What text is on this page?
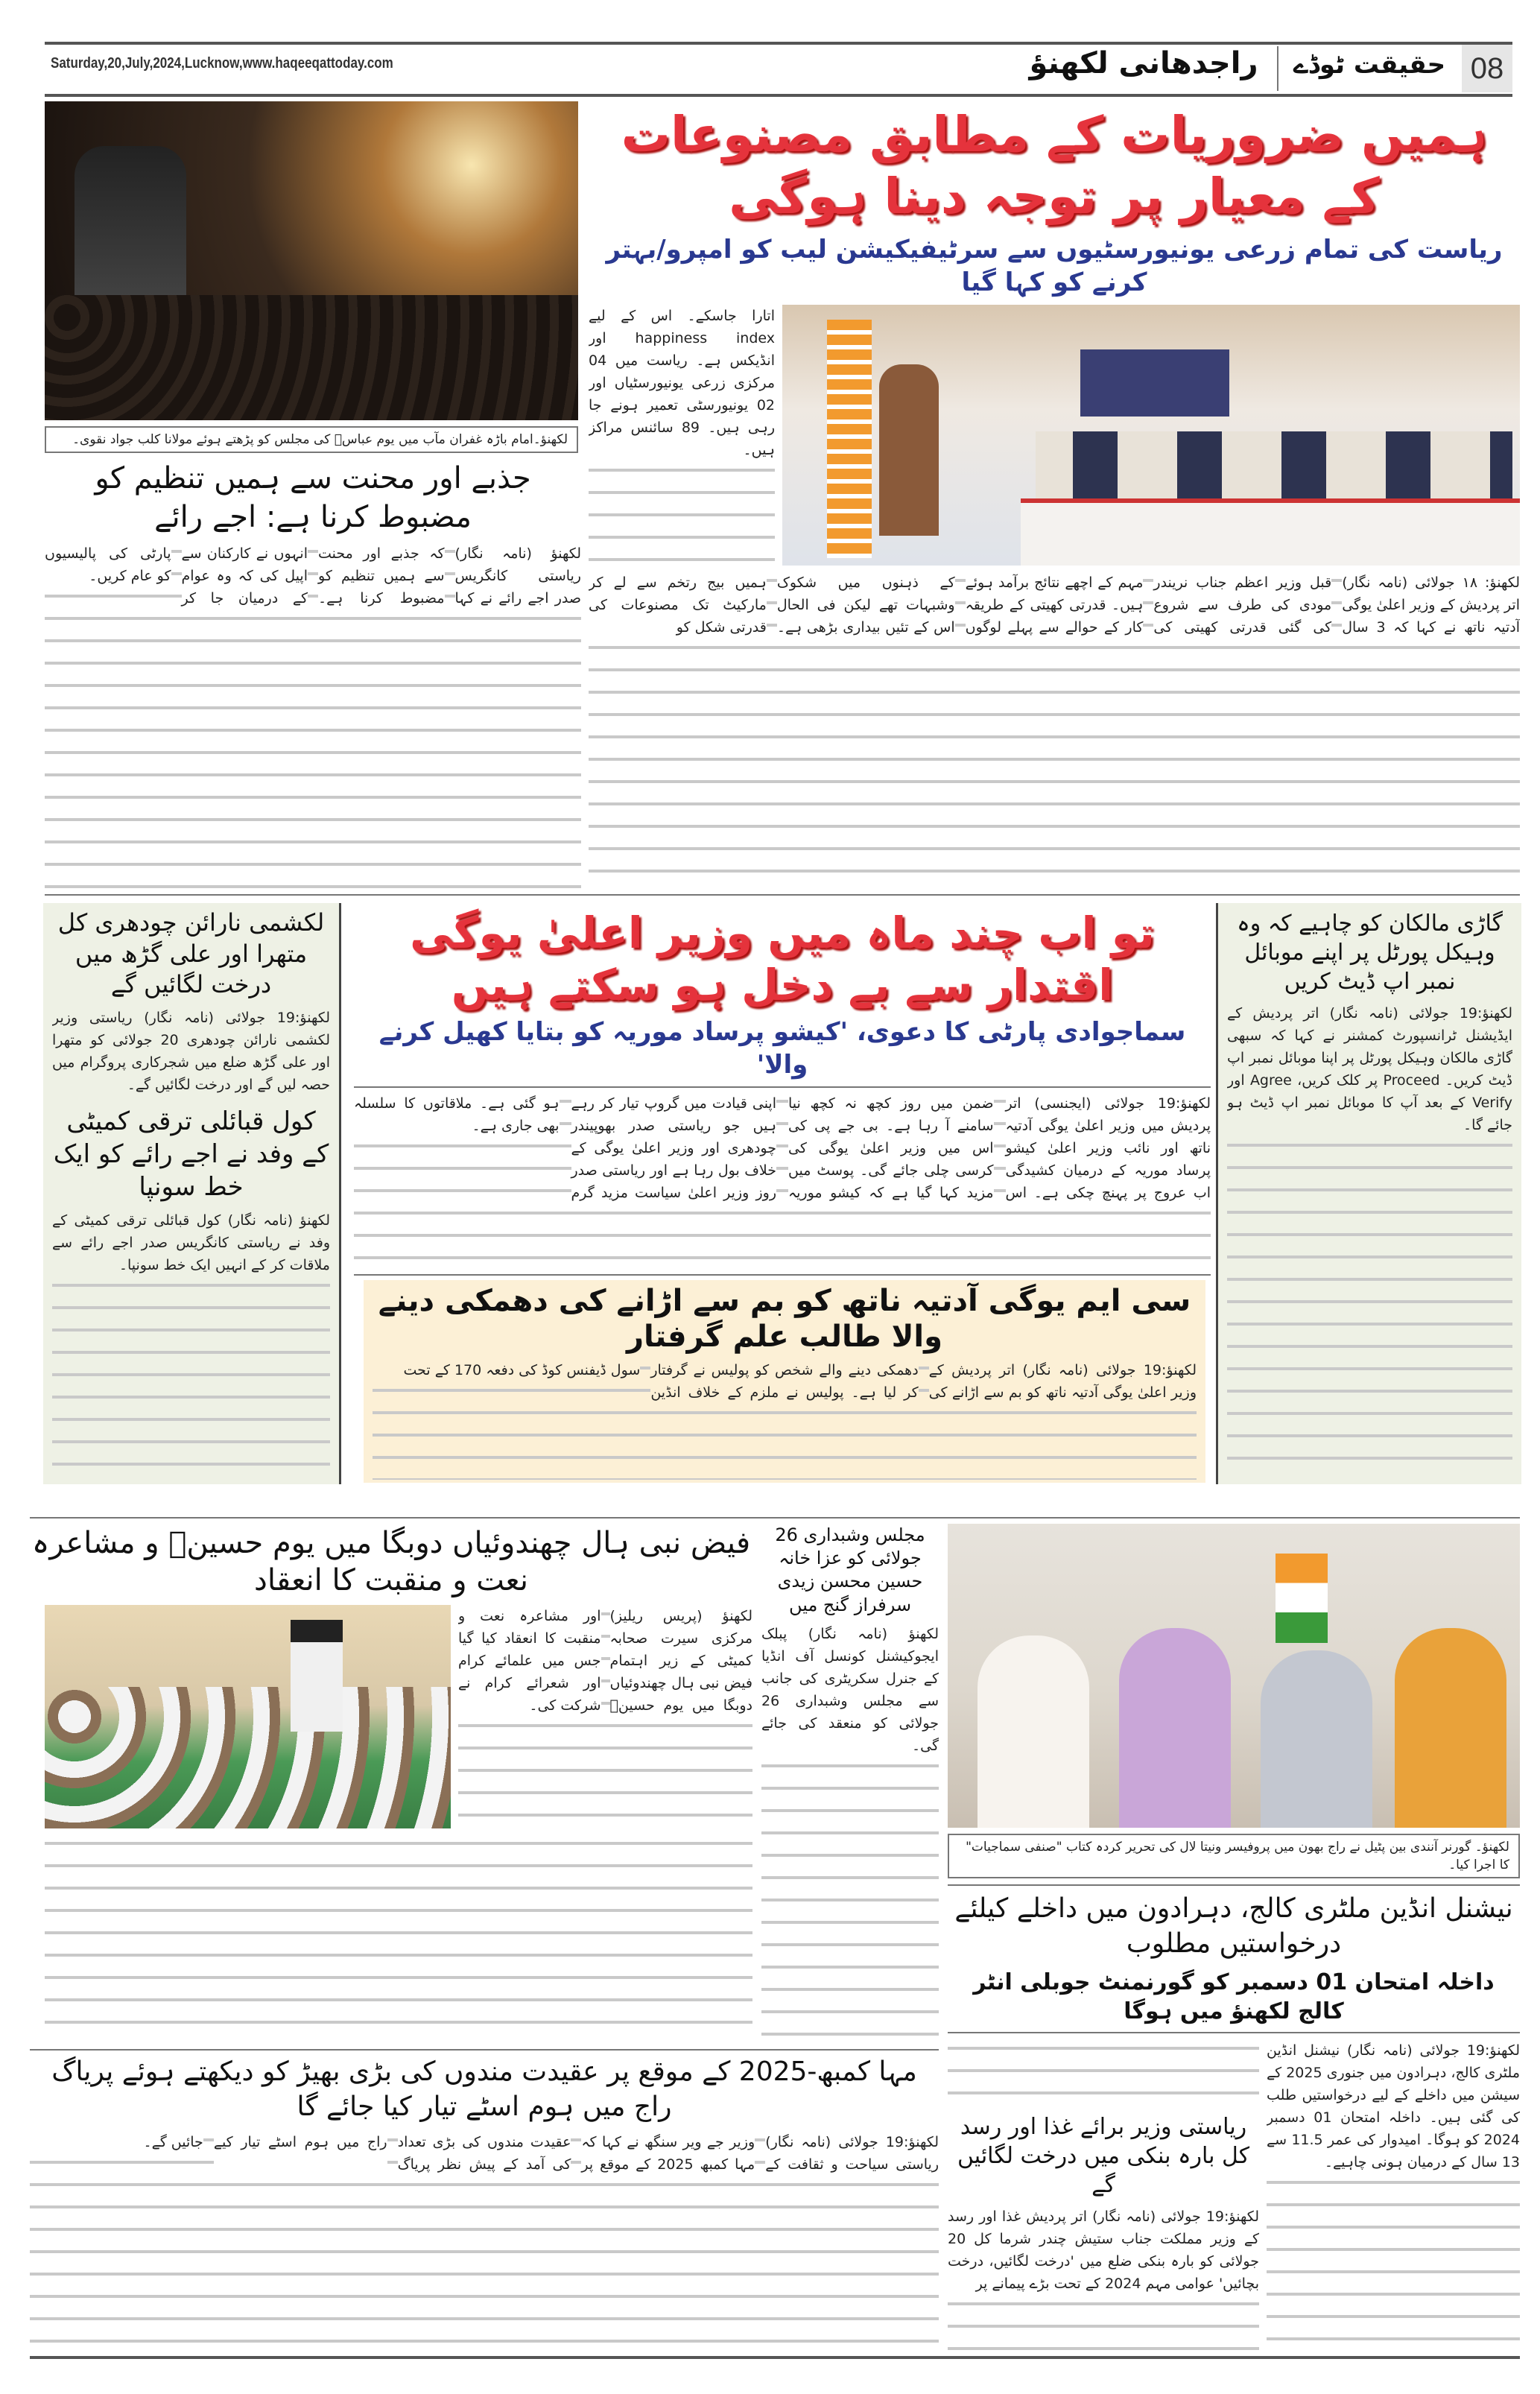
Saturday,20,July,2024,Lucknow,www.haqeeqattoday.com	راجدھانی لکھنؤ	حقیقت ٹوڈے 08
لکھنؤ۔امام باڑہ غفران مآب میں یوم عباسؑ کی مجلس کو پڑھتے ہوئے مولانا کلب جواد نقوی۔
جذبے اور محنت سے ہمیں تنظیم کو مضبوط کرنا ہے: اجے رائے

لکھنؤ (نامہ نگار) ریاستی کانگریس صدر اجے رائے نے کہا کہ جذبے اور محنت سے ہمیں تنظیم کو مضبوط کرنا ہے۔ انہوں نے کارکنان سے اپیل کی کہ وہ عوام کے درمیان جا کر پارٹی کی پالیسیوں کو عام کریں۔

ہمیں ضروریات کے مطابق مصنوعات کے معیار پر توجہ دینا ہوگی
ریاست کی تمام زرعی یونیورسٹیوں سے سرٹیفیکیشن لیب کو امپرو/بہتر کرنے کو کہا گیا

اتارا جاسکے۔ اس کے لیے happiness index اور انڈیکس ہے۔ ریاست میں 04 مرکزی زرعی یونیورسٹیاں اور 02 یونیورسٹی تعمیر ہونے جا رہی ہیں۔ 89 سائنس مراکز ہیں۔

لکھنؤ: ۱۸ جولائی (نامہ نگار) اتر پردیش کے وزیر اعلیٰ یوگی آدتیہ ناتھ نے کہا کہ 3 سال قبل وزیر اعظم جناب نریندر مودی کی طرف سے شروع کی گئی قدرتی کھیتی کی مہم کے اچھے نتائج برآمد ہوئے ہیں۔ قدرتی کھیتی کے طریقہ کار کے حوالے سے پہلے لوگوں کے ذہنوں میں شکوک وشبہات تھے لیکن فی الحال اس کے تئیں بیداری بڑھی ہے۔ ہمیں بیج رتخم سے لے کر مارکیٹ تک مصنوعات کی قدرتی شکل کو

لکشمی نارائن چودھری کل متھرا اور علی گڑھ میں درخت لگائیں گے

لکھنؤ:19 جولائی (نامہ نگار) ریاستی وزیر لکشمی نارائن چودھری 20 جولائی کو متھرا اور علی گڑھ ضلع میں شجرکاری پروگرام میں حصہ لیں گے اور درخت لگائیں گے۔

کول قبائلی ترقی کمیٹی کے وفد نے اجے رائے کو ایک خط سونپا

لکھنؤ (نامہ نگار) کول قبائلی ترقی کمیٹی کے وفد نے ریاستی کانگریس صدر اجے رائے سے ملاقات کر کے انہیں ایک خط سونپا۔

تو اب چند ماہ میں وزیر اعلیٰ یوگی اقتدار سے بے دخل ہو سکتے ہیں
سماجوادی پارٹی کا دعوی، 'کیشو پرساد موریہ کو بتایا کھیل کرنے والا'

لکھنؤ:19 جولائی (ایجنسی) اتر پردیش میں وزیر اعلیٰ یوگی آدتیہ ناتھ اور نائب وزیر اعلیٰ کیشو پرساد موریہ کے درمیان کشیدگی اب عروج پر پہنچ چکی ہے۔ اس ضمن میں روز کچھ نہ کچھ نیا سامنے آ رہا ہے۔ بی جے پی کی اس میں وزیر اعلیٰ یوگی کی کرسی چلی جائے گی۔ پوسٹ میں مزید کہا گیا ہے کہ کیشو موریہ اپنی قیادت میں گروپ تیار کر رہے ہیں جو ریاستی صدر بھوپیندر چودھری اور وزیر اعلیٰ یوگی کے خلاف بول رہا ہے اور ریاستی صدر روز وزیر اعلیٰ سیاست مزید گرم ہو گئی ہے۔ ملاقاتوں کا سلسلہ بھی جاری ہے۔

سی ایم یوگی آدتیہ ناتھ کو بم سے اڑانے کی دھمکی دینے والا طالب علم گرفتار

لکھنؤ:19 جولائی (نامہ نگار) اتر پردیش کے وزیر اعلیٰ یوگی آدتیہ ناتھ کو بم سے اڑانے کی دھمکی دینے والے شخص کو پولیس نے گرفتار کر لیا ہے۔ پولیس نے ملزم کے خلاف انڈین سول ڈیفنس کوڈ کی دفعہ 170 کے تحت

گاڑی مالکان کو چاہیے کہ وہ وہیکل پورٹل پر اپنے موبائل نمبر اپ ڈیٹ کریں

لکھنؤ:19 جولائی (نامہ نگار) اتر پردیش کے ایڈیشنل ٹرانسپورٹ کمشنر نے کہا کہ سبھی گاڑی مالکان وہیکل پورٹل پر اپنا موبائل نمبر اپ ڈیٹ کریں۔ Proceed پر کلک کریں، Agree اور Verify کے بعد آپ کا موبائل نمبر اپ ڈیٹ ہو جائے گا۔

فیض نبی ہال چھندوئیاں دوبگا میں یوم حسینؑ و مشاعرہ نعت و منقبت کا انعقاد

لکھنؤ (پریس ریلیز) مرکزی سیرت صحابہ کمیٹی کے زیر اہتمام فیض نبی ہال چھندوئیاں دوبگا میں یوم حسینؑ اور مشاعرہ نعت و منقبت کا انعقاد کیا گیا جس میں علمائے کرام اور شعرائے کرام نے شرکت کی۔

مجلس وشبداری 26 جولائی کو عزا خانہ حسین محسن زیدی سرفراز گنج میں

لکھنؤ (نامہ نگار) پبلک ایجوکیشنل کونسل آف انڈیا کے جنرل سکریٹری کی جانب سے مجلس وشبداری 26 جولائی کو منعقد کی جائے گی۔

لکھنؤ۔ گورنر آنندی بین پٹیل نے راج بھون میں پروفیسر ونیتا لال کی تحریر کردہ کتاب "صنفی سماجیات" کا اجرا کیا۔
نیشنل انڈین ملٹری کالج، دہرادون میں داخلے کیلئے درخواستیں مطلوب
داخلہ امتحان 01 دسمبر کو گورنمنٹ جوبلی انٹر کالج لکھنؤ میں ہوگا

لکھنؤ:19 جولائی (نامہ نگار) نیشنل انڈین ملٹری کالج، دہرادون میں جنوری 2025 کے سیشن میں داخلے کے لیے درخواستیں طلب کی گئی ہیں۔ داخلہ امتحان 01 دسمبر 2024 کو ہوگا۔ امیدوار کی عمر 11.5 سے 13 سال کے درمیان ہونی چاہیے۔

ریاستی وزیر برائے غذا اور رسد کل بارہ بنکی میں درخت لگائیں گے

لکھنؤ:19 جولائی (نامہ نگار) اتر پردیش غذا اور رسد کے وزیر مملکت جناب ستیش چندر شرما کل 20 جولائی کو بارہ بنکی ضلع میں 'درخت لگائیں، درخت بچائیں' عوامی مہم 2024 کے تحت بڑے پیمانے پر

مہا کمبھ-2025 کے موقع پر عقیدت مندوں کی بڑی بھیڑ کو دیکھتے ہوئے پریاگ راج میں ہوم اسٹے تیار کیا جائے گا

لکھنؤ:19 جولائی (نامہ نگار) ریاستی سیاحت و ثقافت کے وزیر جے ویر سنگھ نے کہا کہ مہا کمبھ 2025 کے موقع پر عقیدت مندوں کی بڑی تعداد کی آمد کے پیش نظر پریاگ راج میں ہوم اسٹے تیار کیے جائیں گے۔
